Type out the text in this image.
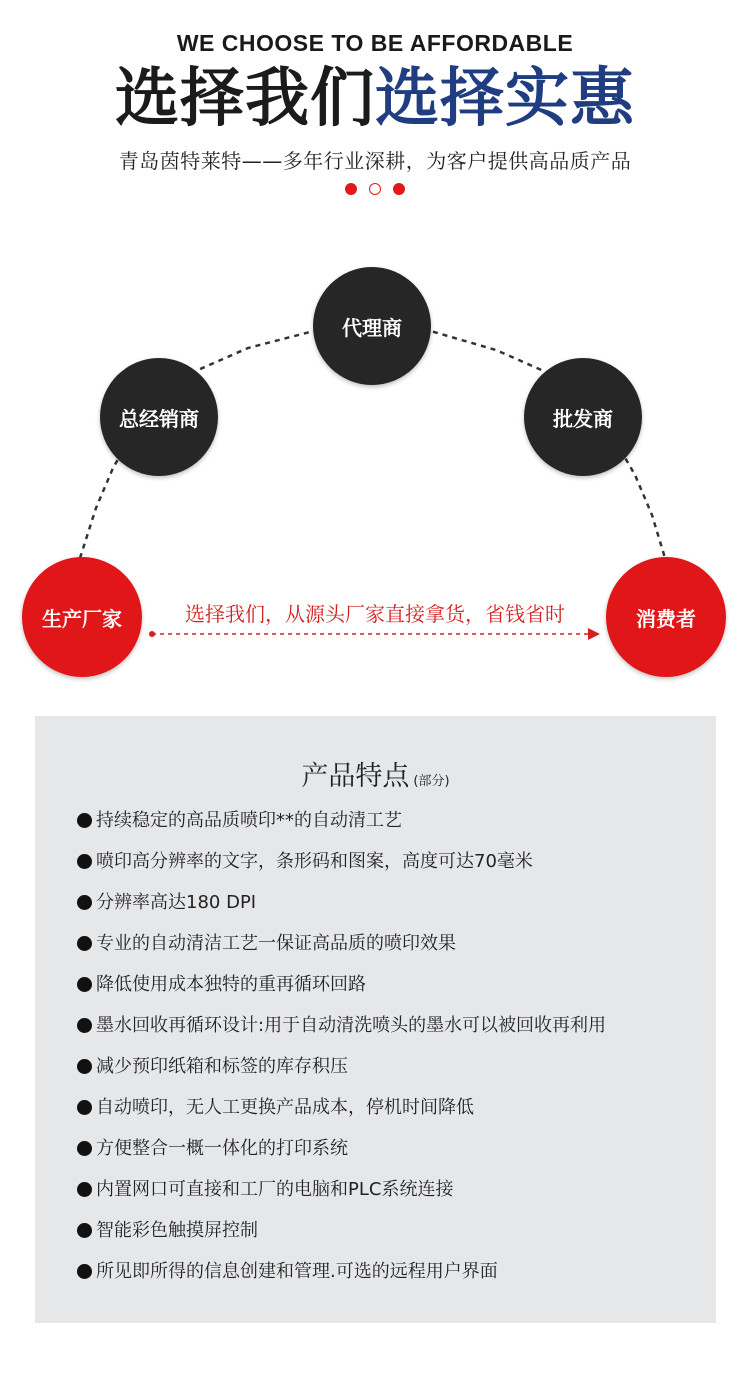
WE CHOOSE TO BE AFFORDABLE
选择我们选择实惠
青岛茵特莱特——多年行业深耕，为客户提供高品质产品
代理商
总经销商	批发商
生产厂家	消费者
选择我们，从源头厂家直接拿货，省钱省时
产品特点 (部分)
持续稳定的高品质喷印**的自动清工艺
喷印高分辨率的文字，条形码和图案，高度可达70毫米
分辨率高达180 DPI
专业的自动清洁工艺一保证高品质的喷印效果
降低使用成本独特的重再循环回路
墨水回收再循环设计:用于自动清洗喷头的墨水可以被回收再利用
减少预印纸箱和标签的库存积压
自动喷印，无人工更换产品成本，停机时间降低
方便整合一概一体化的打印系统
内置网口可直接和工厂的电脑和PLC系统连接
智能彩色触摸屏控制
所见即所得的信息创建和管理.可选的远程用户界面
